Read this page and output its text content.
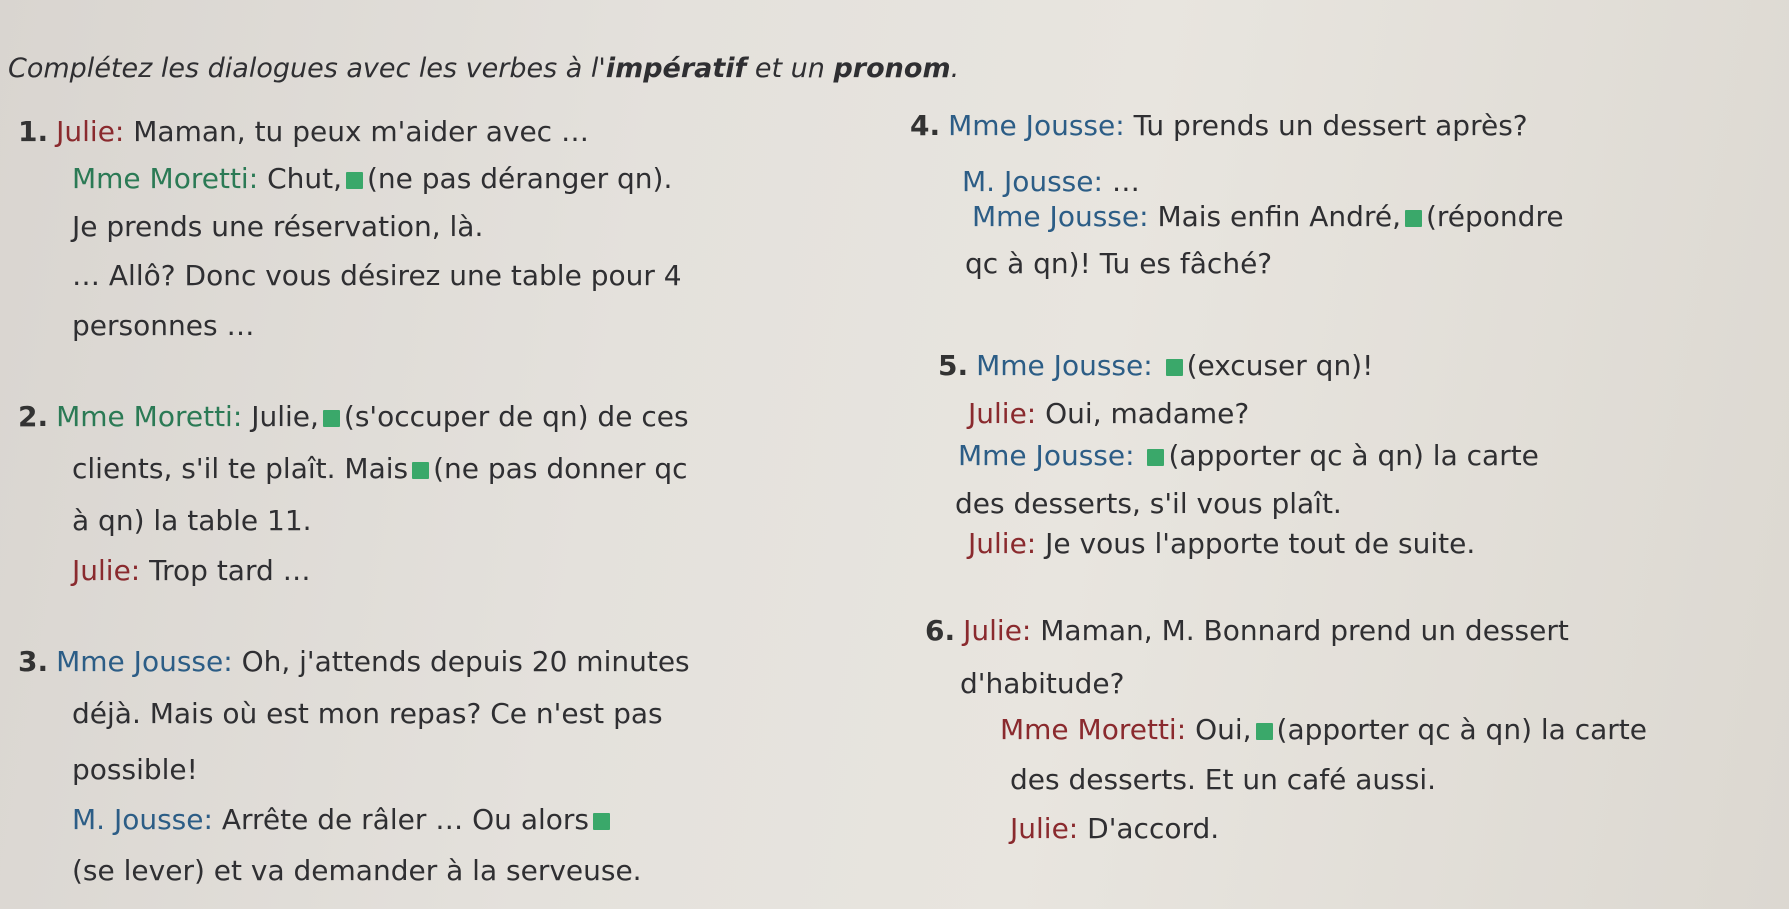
Complétez les dialogues avec les verbes à l'impératif et un pronom.
1. Julie: Maman, tu peux m'aider avec …
Mme Moretti: Chut, (ne pas déranger qn).
Je prends une réservation, là.
… Allô? Donc vous désirez une table pour 4
personnes …
2. Mme Moretti: Julie, (s'occuper de qn) de ces
clients, s'il te plaît. Mais (ne pas donner qc
à qn) la table 11.
Julie: Trop tard …
3. Mme Jousse: Oh, j'attends depuis 20 minutes
déjà. Mais où est mon repas? Ce n'est pas
possible!
M. Jousse: Arrête de râler … Ou alors
(se lever) et va demander à la serveuse.
4. Mme Jousse: Tu prends un dessert après?
M. Jousse: …
Mme Jousse: Mais enfin André, (répondre
qc à qn)! Tu es fâché?
5. Mme Jousse: (excuser qn)!
Julie: Oui, madame?
Mme Jousse: (apporter qc à qn) la carte
des desserts, s'il vous plaît.
Julie: Je vous l'apporte tout de suite.
6. Julie: Maman, M. Bonnard prend un dessert
d'habitude?
Mme Moretti: Oui, (apporter qc à qn) la carte
des desserts. Et un café aussi.
Julie: D'accord.
